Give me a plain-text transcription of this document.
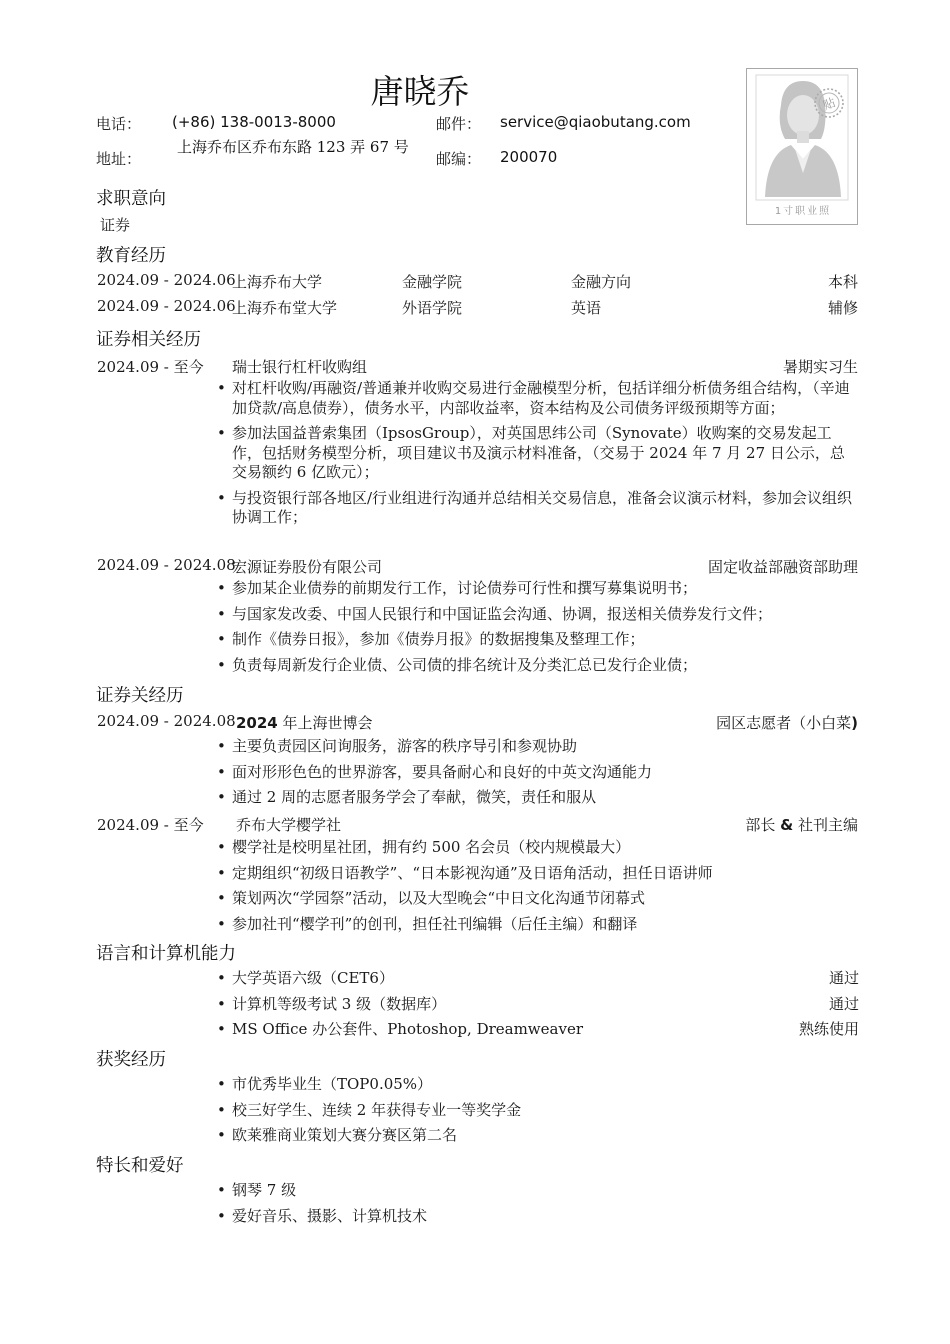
唐晓乔	贴
1寸职业照
电话： (+86) 138-0013-8000	邮件： service@qiaobutang.com
地址：
上海乔布区乔布东路 123 弄 67 号
邮编： 200070
求职意向
证券
教育经历
2024.09 - 2024.06
上海乔布大学	金融学院	金融方向	本科
2024.09 - 2024.06
上海乔布堂大学	外语学院	英语	辅修
证券相关经历
2024.09 - 至今 瑞士银行杠杆收购组	暑期实习生
• 对杠杆收购/再融资/普通兼并收购交易进行金融模型分析，包括详细分析债务组合结构，（辛迪加贷款/高息债券），债务水平，内部收益率，资本结构及公司债务评级预期等方面；
• 参加法国益普索集团（IpsosGroup），对英国思纬公司（Synovate）收购案的交易发起工作，包括财务模型分析，项目建议书及演示材料准备，（交易于 2024 年 7 月 27 日公示，总交易额约 6 亿欧元）；
• 与投资银行部各地区/行业组进行沟通并总结相关交易信息，准备会议演示材料，参加会议组织协调工作；
2024.09 - 2024.08
宏源证券股份有限公司	固定收益部融资部助理
• 参加某企业债券的前期发行工作，讨论债券可行性和撰写募集说明书；
• 与国家发改委、中国人民银行和中国证监会沟通、协调，报送相关债券发行文件；
• 制作《债券日报》，参加《债券月报》的数据搜集及整理工作；
• 负责每周新发行企业债、公司债的排名统计及分类汇总已发行企业债；
证券关经历
2024.09 - 2024.08 2024 年上海世博会	园区志愿者（小白菜)
• 主要负责园区问询服务，游客的秩序导引和参观协助
• 面对形形色色的世界游客，要具备耐心和良好的中英文沟通能力
• 通过 2 周的志愿者服务学会了奉献，微笑，责任和服从
2024.09 - 至今 乔布大学樱学社	部长 & 社刊主编
• 樱学社是校明星社团，拥有约 500 名会员（校内规模最大）
• 定期组织“初级日语教学”、“日本影视沟通”及日语角活动，担任日语讲师
• 策划两次“学园祭”活动，以及大型晚会“中日文化沟通节闭幕式
• 参加社刊“樱学刊”的创刊，担任社刊编辑（后任主编）和翻译
语言和计算机能力
• 大学英语六级（CET6）	通过
• 计算机等级考试 3 级（数据库）	通过
• MS Office 办公套件、Photoshop, Dreamweaver	熟练使用
获奖经历
• 市优秀毕业生（TOP0.05%）
• 校三好学生、连续 2 年获得专业一等奖学金
• 欧莱雅商业策划大赛分赛区第二名
特长和爱好
• 钢琴 7 级
• 爱好音乐、摄影、计算机技术
